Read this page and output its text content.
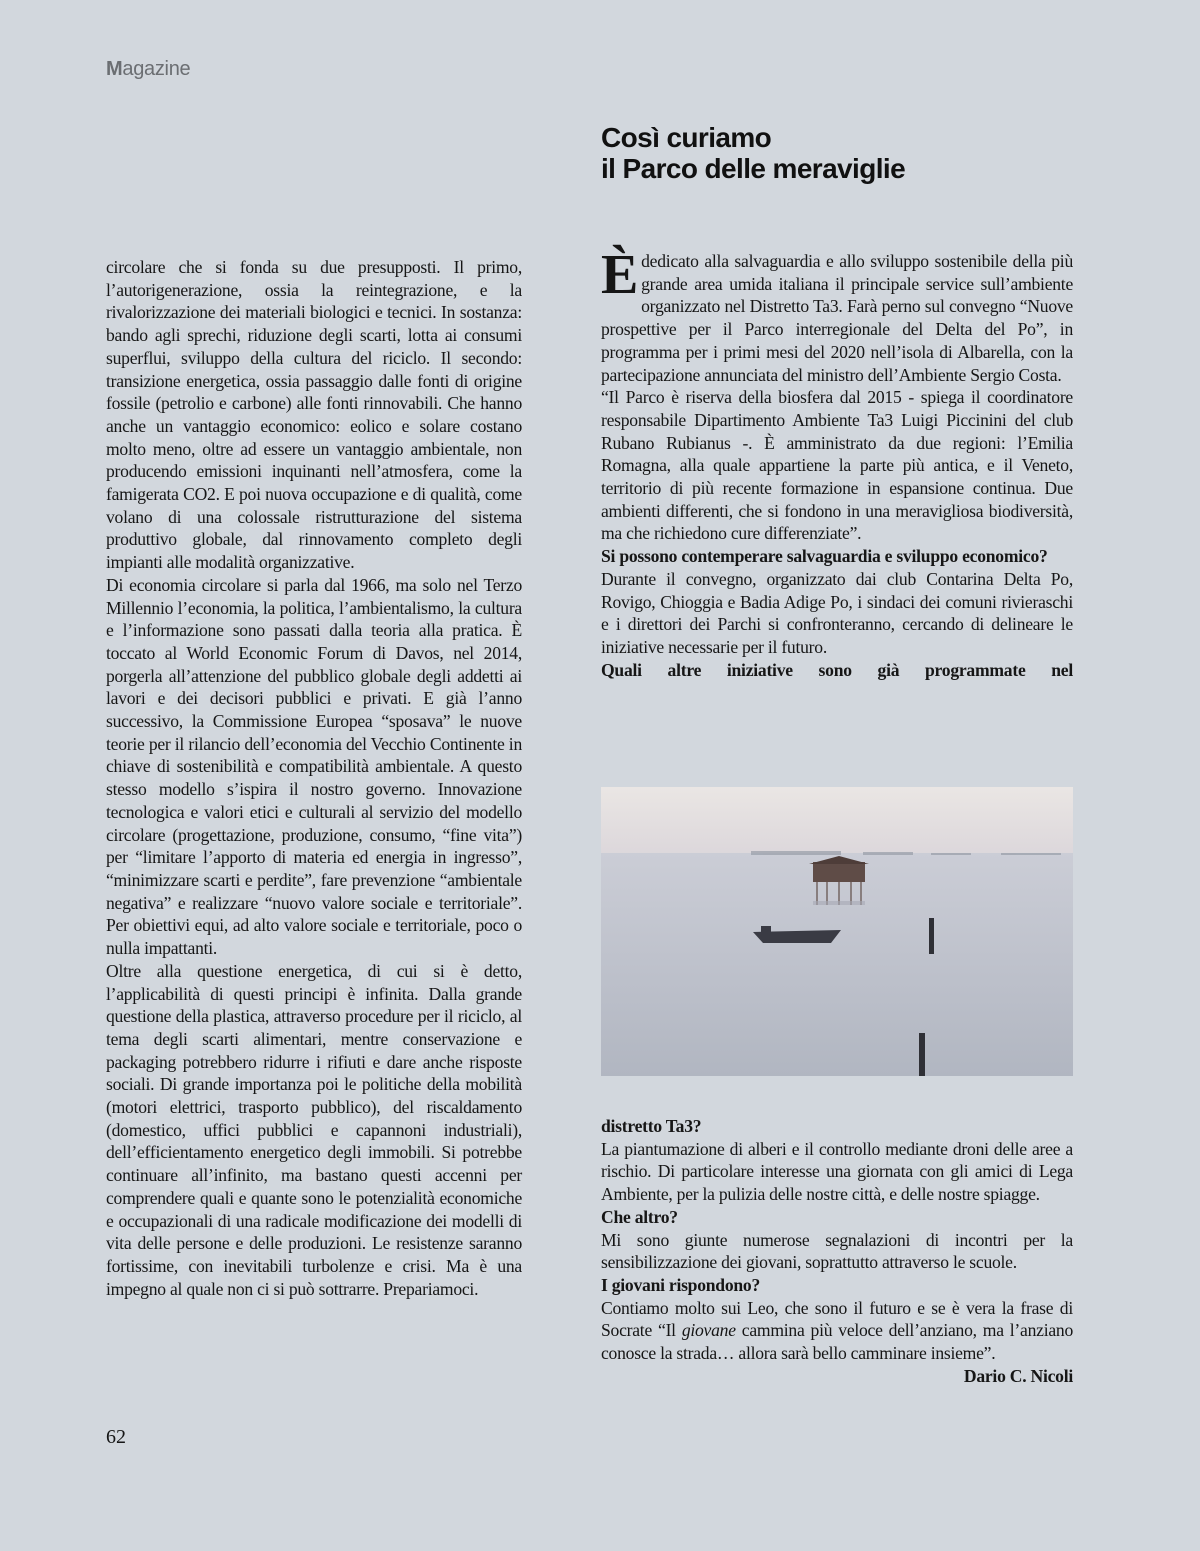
Magazine
Così curiamo
il Parco delle meraviglie

circolare che si fonda su due presupposti. Il primo, l’autorigenerazione, ossia la reintegrazione, e la rivalorizzazione dei materiali biologici e tecnici. In sostanza: bando agli sprechi, riduzione degli scarti, lotta ai consumi superflui, sviluppo della cultura del riciclo. Il secondo: transizione energetica, ossia passaggio dalle fonti di origine fossile (petrolio e carbone) alle fonti rinnovabili. Che hanno anche un vantaggio economico: eolico e solare costano molto meno, oltre ad essere un vantaggio ambientale, non producendo emissioni inquinanti nell’atmosfera, come la famigerata CO2. E poi nuova occupazione e di qualità, come volano di una colossale ristrutturazione del sistema produttivo globale, dal rinnovamento completo degli impianti alle modalità organizzative.

Di economia circolare si parla dal 1966, ma solo nel Terzo Millennio l’economia, la politica, l’ambientalismo, la cultura e l’informazione sono passati dalla teoria alla pratica. È toccato al World Economic Forum di Davos, nel 2014, porgerla all’attenzione del pubblico globale degli addetti ai lavori e dei decisori pubblici e privati. E già l’anno successivo, la Commissione Europea “sposava” le nuove teorie per il rilancio dell’economia del Vecchio Continente in chiave di sostenibilità e compatibilità ambientale. A questo stesso modello s’ispira il nostro governo. Innovazione tecnologica e valori etici e culturali al servizio del modello circolare (progettazione, produzione, consumo, “fine vita”) per “limitare l’apporto di materia ed energia in ingresso”, “minimizzare scarti e perdite”, fare prevenzione “ambientale negativa” e realizzare “nuovo valore sociale e territoriale”. Per obiettivi equi, ad alto valore sociale e territoriale, poco o nulla impattanti.

Oltre alla questione energetica, di cui si è detto, l’applicabilità di questi principi è infinita. Dalla grande questione della plastica, attraverso procedure per il riciclo, al tema degli scarti alimentari, mentre conservazione e packaging potrebbero ridurre i rifiuti e dare anche risposte sociali. Di grande importanza poi le politiche della mobilità (motori elettrici, trasporto pubblico), del riscaldamento (domestico, uffici pubblici e capannoni industriali), dell’efficientamento energetico degli immobili. Si potrebbe continuare all’infinito, ma bastano questi accenni per comprendere quali e quante sono le potenzialità economiche e occupazionali di una radicale modificazione dei modelli di vita delle persone e delle produzioni. Le resistenze saranno fortissime, con inevitabili turbolenze e crisi. Ma è una impegno al quale non ci si può sottrarre. Prepariamoci.

Èdedicato alla salvaguardia e allo sviluppo sostenibile della più grande area umida italiana il principale service sull’ambiente organizzato nel Distretto Ta3. Farà perno sul convegno “Nuove prospettive per il Parco interregionale del Delta del Po”, in programma per i primi mesi del 2020 nell’isola di Albarella, con la partecipazione annunciata del ministro dell’Ambiente Sergio Costa.

“Il Parco è riserva della biosfera dal 2015 - spiega il coordinatore responsabile Dipartimento Ambiente Ta3 Luigi Piccinini del club Rubano Rubianus -. È amministrato da due regioni: l’Emilia Romagna, alla quale appartiene la parte più antica, e il Veneto, territorio di più recente formazione in espansione continua. Due ambienti differenti, che si fondono in una meravigliosa biodiversità, ma che richiedono cure differenziate”.

Si possono contemperare salvaguardia e sviluppo economico?

Durante il convegno, organizzato dai club Contarina Delta Po, Rovigo, Chioggia e Badia Adige Po, i sindaci dei comuni rivieraschi e i direttori dei Parchi si confronteranno, cercando di delineare le iniziative necessarie per il futuro.

Quali altre iniziative sono già programmate nel

distretto Ta3?

La piantumazione di alberi e il controllo mediante droni delle aree a rischio. Di particolare interesse una giornata con gli amici di Lega Ambiente, per la pulizia delle nostre città, e delle nostre spiagge.

Che altro?

Mi sono giunte numerose segnalazioni di incontri per la sensibilizzazione dei giovani, soprattutto attraverso le scuole.

I giovani rispondono?

Contiamo molto sui Leo, che sono il futuro e se è vera la frase di Socrate “Il giovane cammina più veloce dell’anziano, ma l’anziano conosce la strada… allora sarà bello camminare insieme”.

Dario C. Nicoli

62
